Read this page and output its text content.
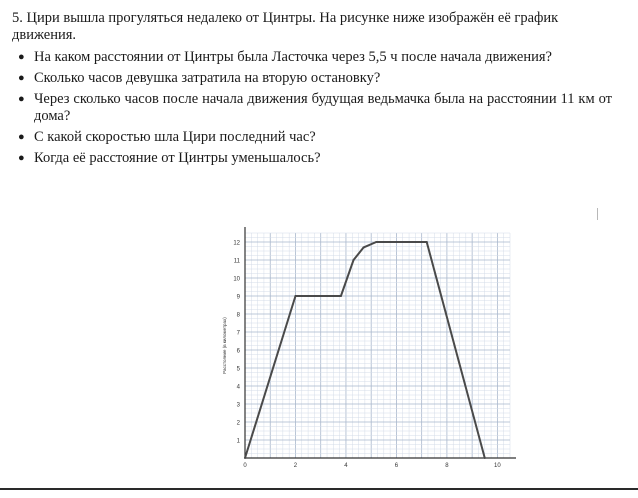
5. Цири вышла прогуляться недалеко от Цинтры. На рисунке ниже изображён её график движения.

● На каком расстоянии от Цинтры была Ласточка через 5,5 ч после начала движения?
● Сколько часов девушка затратила на вторую остановку?
● Через сколько часов после начала движения будущая ведьмачка была на расстоянии 11 км от дома?
● С какой скоростью шла Цири последний час?
● Когда её расстояние от Цинтры уменьшалось?
1
2
3
4
5
6
7
8
9
10
11
12
0	2	4	6	8	10
Расстояние (в километрах)
